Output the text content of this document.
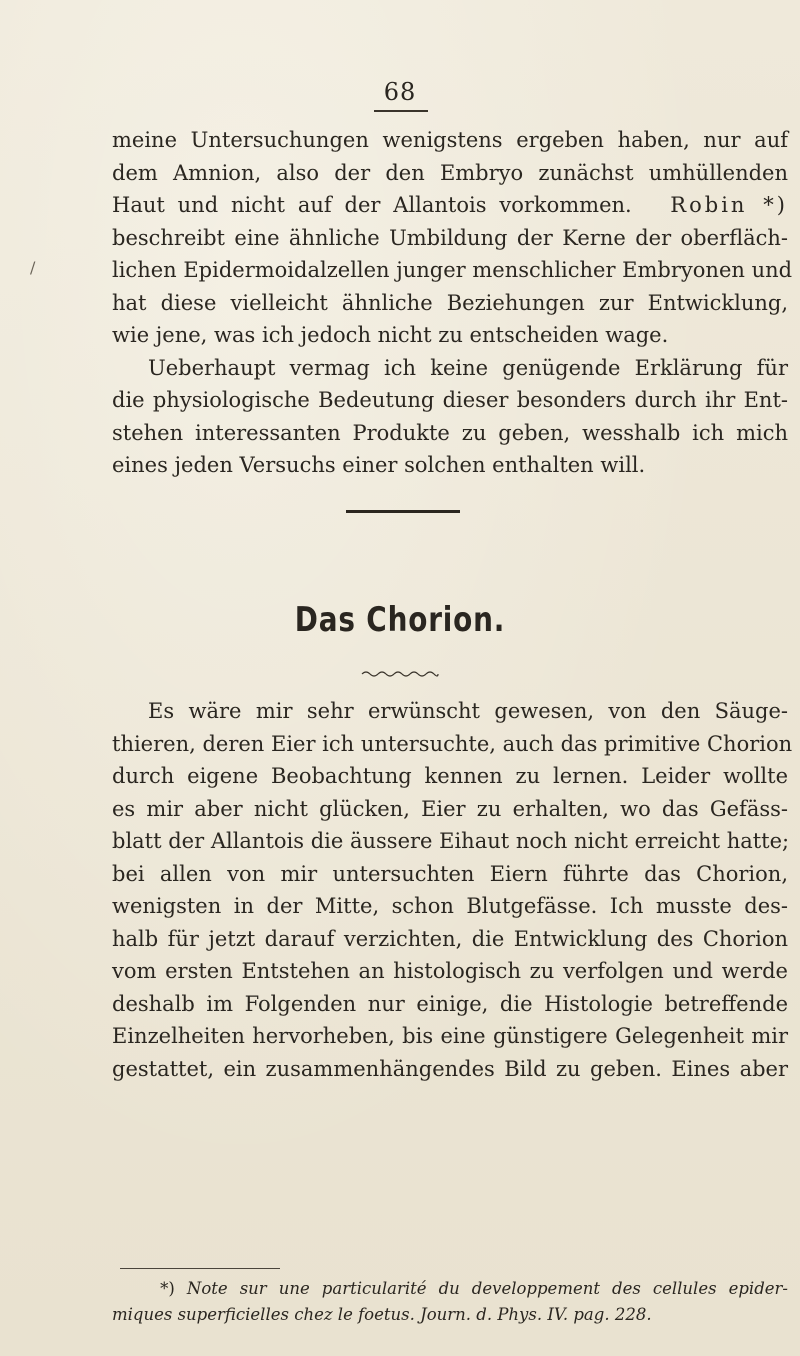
/
68
meine Untersuchungen wenigstens ergeben haben, nur auf
dem Amnion, also der den Embryo zunächst umhüllenden
Haut und nicht auf der Allantois vorkommen. Robin *)
beschreibt eine ähnliche Umbildung der Kerne der oberfläch-
lichen Epidermoidalzellen junger menschlicher Embryonen und
hat diese vielleicht ähnliche Beziehungen zur Entwicklung,
wie jene, was ich jedoch nicht zu entscheiden wage.
Ueberhaupt vermag ich keine genügende Erklärung für
die physiologische Bedeutung dieser besonders durch ihr Ent-
stehen interessanten Produkte zu geben, wesshalb ich mich
eines jeden Versuchs einer solchen enthalten will.
Das Chorion.
Es wäre mir sehr erwünscht gewesen, von den Säuge-
thieren, deren Eier ich untersuchte, auch das primitive Chorion
durch eigene Beobachtung kennen zu lernen. Leider wollte
es mir aber nicht glücken, Eier zu erhalten, wo das Gefäss-
blatt der Allantois die äussere Eihaut noch nicht erreicht hatte;
bei allen von mir untersuchten Eiern führte das Chorion,
wenigsten in der Mitte, schon Blutgefässe. Ich musste des-
halb für jetzt darauf verzichten, die Entwicklung des Chorion
vom ersten Entstehen an histologisch zu verfolgen und werde
deshalb im Folgenden nur einige, die Histologie betreffende
Einzelheiten hervorheben, bis eine günstigere Gelegenheit mir
gestattet, ein zusammenhängendes Bild zu geben. Eines aber
*) Note sur une particularité du developpement des cellules epider-
miques superficielles chez le foetus. Journ. d. Phys. IV. pag. 228.
